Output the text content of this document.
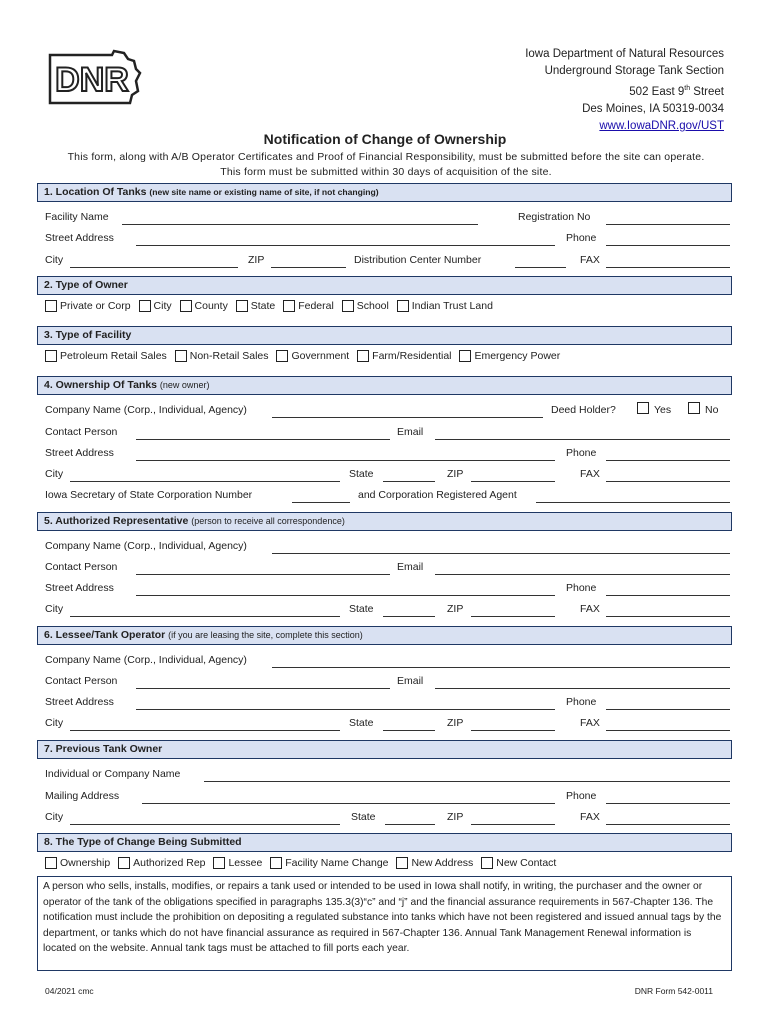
DNR
Iowa Department of Natural Resources
Underground Storage Tank Section
502 East 9th Street
Des Moines, IA 50319-0034
www.IowaDNR.gov/UST
Notification of Change of Ownership
This form, along with A/B Operator Certificates and Proof of Financial Responsibility, must be submitted before the site can operate.
This form must be submitted within 30 days of acquisition of the site.
1. Location Of Tanks (new site name or existing name of site, if not changing)
Facility Name	Registration No
Street Address	Phone
City	ZIP	Distribution Center Number	FAX
2. Type of Owner
Private or Corp
City
County
State
Federal
School
Indian Trust Land
3. Type of Facility
Petroleum Retail Sales
Non-Retail Sales
Government
Farm/Residential
Emergency Power
4. Ownership Of Tanks (new owner)
Company Name (Corp., Individual, Agency)	Deed Holder?	Yes	No
Contact Person	Email
Street Address	Phone
City	State	ZIP	FAX
Iowa Secretary of State Corporation Number	and Corporation Registered Agent
5. Authorized Representative (person to receive all correspondence)
Company Name (Corp., Individual, Agency)
Contact Person	Email
Street Address	Phone
City	State	ZIP	FAX
6. Lessee/Tank Operator (if you are leasing the site, complete this section)
Company Name (Corp., Individual, Agency)
Contact Person	Email
Street Address	Phone
City	State	ZIP	FAX
7. Previous Tank Owner
Individual or Company Name
Mailing Address	Phone
City	State	ZIP	FAX
8. The Type of Change Being Submitted
Ownership
Authorized Rep
Lessee
Facility Name Change
New Address
New Contact
A person who sells, installs, modifies, or repairs a tank used or intended to be used in Iowa shall notify, in writing, the purchaser and the owner or operator of the tank of the obligations specified in paragraphs 135.3(3)“c” and “j” and the financial assurance requirements in 567-Chapter 136. The notification must include the prohibition on depositing a regulated substance into tanks which have not been registered and issued annual tags by the department, or tanks which do not have financial assurance as required in 567-Chapter 136. Annual Tank Management Renewal information is located on the website. Annual tank tags must be attached to fill ports each year.
04/2021 cmc	DNR Form 542-0011
